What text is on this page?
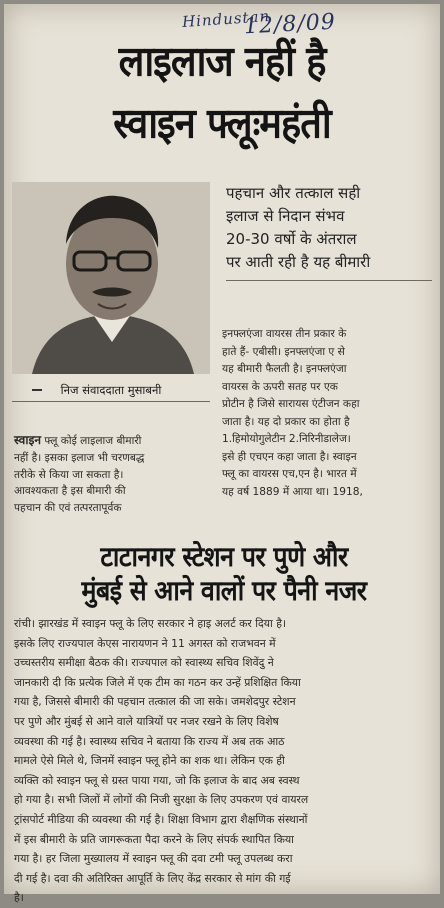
Hindustan
12/8/09
लाइलाज नहीं है
स्वाइन फ्लूःमहंती
निज संवाददाता मुसाबनी

पहचान और तत्काल सही

इलाज से निदान संभव

20-30 वर्षो के अंतराल

पर आती रही है यह बीमारी

इनफ्लएंजा वायरस तीन प्रकार के

हाते हैं- एबीसी। इनफ्लएंजा ए से

यह बीमारी फैलती है। इनफ्लएंजा

वायरस के ऊपरी सतह पर एक

प्रोटीन है जिसे सारायस एंटीजन कहा

जाता है। यह दो प्रकार का होता है

1.हिमोयोगुलेटीन 2.निरिनीडालेज।

इसे ही एचएन कहा जाता है। स्वाइन

फ्लू का वायरस एच,एन है। भारत में

यह वर्ष 1889 में आया था। 1918,

स्वाइन फ्लू कोई लाइलाज बीमारी

नहीं है। इसका इलाज भी चरणबद्ध

तरीके से किया जा सकता है।

आवश्यकता है इस बीमारी की

पहचान की एवं तत्परतापूर्वक

टाटानगर स्टेशन पर पुणे और

मुंबई से आने वालों पर पैनी नजर

रांची। झारखंड में स्वाइन फ्लू के लिए सरकार ने हाइ अलर्ट कर दिया है।

इसके लिए राज्यपाल केएस नारायणन ने 11 अगस्त को राजभवन में

उच्चस्तरीय समीक्षा बैठक की। राज्यपाल को स्वास्थ्य सचिव शिवेंदु ने

जानकारी दी कि प्रत्येक जिले में एक टीम का गठन कर उन्हें प्रशिक्षित किया

गया है, जिससे बीमारी की पहचान तत्काल की जा सके। जमशेदपुर स्टेशन

पर पुणे और मुंबई से आने वाले यात्रियों पर नजर रखने के लिए विशेष

व्यवस्था की गई है। स्वास्थ्य सचिव ने बताया कि राज्य में अब तक आठ

मामले ऐसे मिले थे, जिनमें स्वाइन फ्लू होने का शक था। लेकिन एक ही

व्यक्ति को स्वाइन फ्लू से ग्रस्त पाया गया, जो कि इलाज के बाद अब स्वस्थ

हो गया है। सभी जिलों में लोगों की निजी सुरक्षा के लिए उपकरण एवं वायरल

ट्रांसपोर्ट मीडिया की व्यवस्था की गई है। शिक्षा विभाग द्वारा शैक्षणिक संस्थानों

में इस बीमारी के प्रति जागरूकता पैदा करने के लिए संपर्क स्थापित किया

गया है। हर जिला मुख्यालय में स्वाइन फ्लू की दवा टमी फ्लू उपलब्ध करा

दी गई है। दवा की अतिरिक्त आपूर्ति के लिए केंद्र सरकार से मांग की गई

है।
